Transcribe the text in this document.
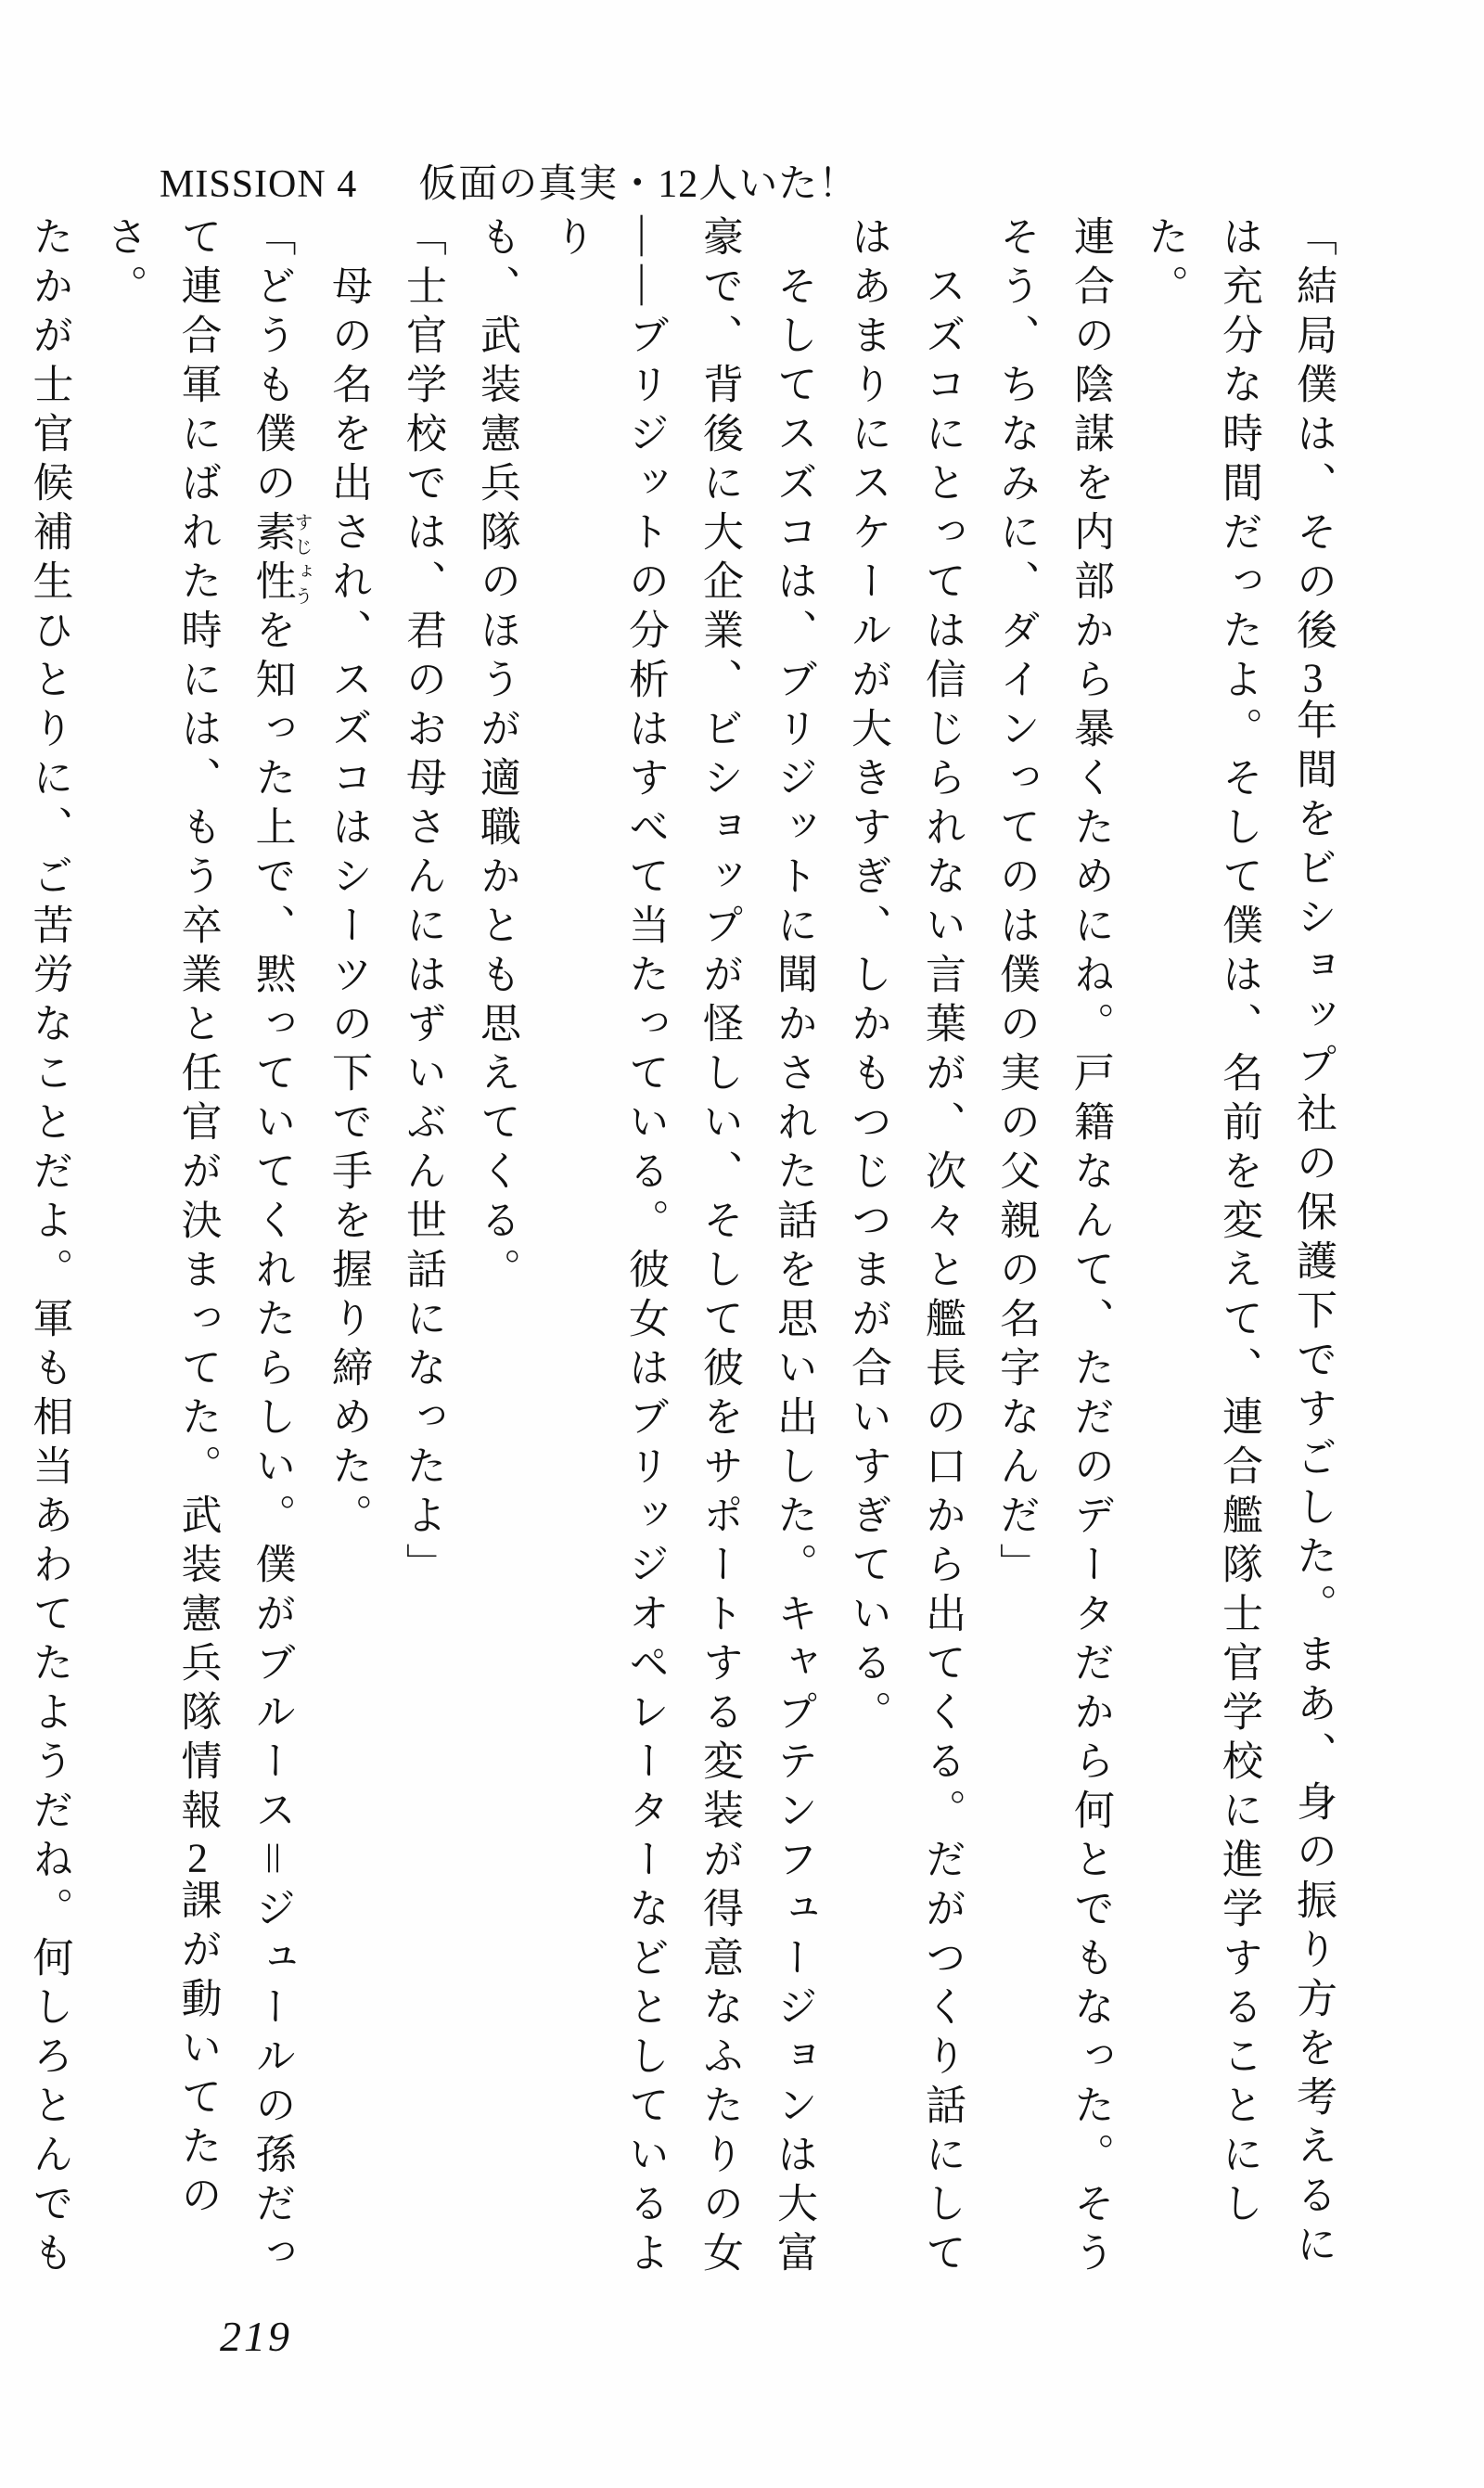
MISSION 4 仮面の真実・12人いた！

「結局僕は、その後3年間をビショップ社の保護下ですごした。まあ、身の振り方を考えるに

は充分な時間だったよ。そして僕は、名前を変えて、連合艦隊士官学校に進学することにした。

連合の陰謀を内部から暴くためにね。戸籍なんて、ただのデータだから何とでもなった。そう

そう、ちなみに、ダインってのは僕の実の父親の名字なんだ」

スズコにとっては信じられない言葉が、次々と艦長の口から出てくる。だがつくり話にして

はあまりにスケールが大きすぎ、しかもつじつまが合いすぎている。

そしてスズコは、ブリジットに聞かされた話を思い出した。キャプテンフュージョンは大富

豪で、背後に大企業、ビショップが怪しい、そして彼をサポートする変装が得意なふたりの女

――ブリジットの分析はすべて当たっている。彼女はブリッジオペレーターなどとしているより

も、武装憲兵隊のほうが適職かとも思えてくる。

「士官学校では、君のお母さんにはずいぶん世話になったよ」

母の名を出され、スズコはシーツの下で手を握り締めた。

「どうも僕の素性すじょうを知った上で、黙っていてくれたらしい。僕がブルース＝ジュールの孫だっ

て連合軍にばれた時には、もう卒業と任官が決まってた。武装憲兵隊情報2課が動いてたのさ。

たかが士官候補生ひとりに、ご苦労なことだよ。軍も相当あわてたようだね。何しろとんでも

219
